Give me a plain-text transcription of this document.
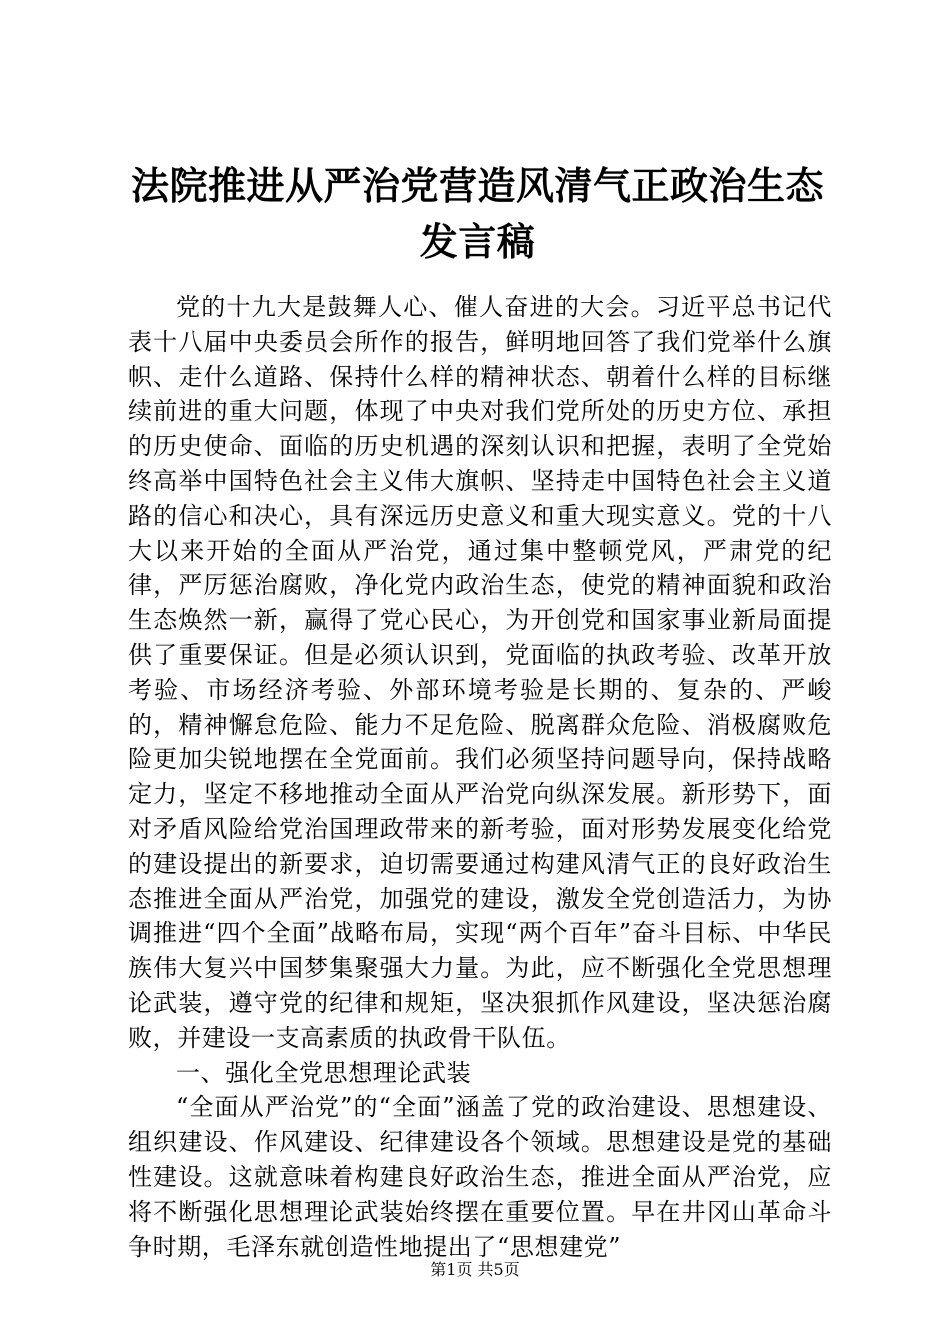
法院推进从严治党营造风清气正政治生态发言稿

党的十九大是鼓舞人心、催人奋进的大会。习近平总书记代表十八届中央委员会所作的报告，鲜明地回答了我们党举什么旗帜、走什么道路、保持什么样的精神状态、朝着什么样的目标继续前进的重大问题，体现了中央对我们党所处的历史方位、承担的历史使命、面临的历史机遇的深刻认识和把握，表明了全党始终高举中国特色社会主义伟大旗帜、坚持走中国特色社会主义道路的信心和决心，具有深远历史意义和重大现实意义。党的十八大以来开始的全面从严治党，通过集中整顿党风，严肃党的纪律，严厉惩治腐败，净化党内政治生态，使党的精神面貌和政治生态焕然一新，赢得了党心民心，为开创党和国家事业新局面提供了重要保证。但是必须认识到，党面临的执政考验、改革开放考验、市场经济考验、外部环境考验是长期的、复杂的、严峻的，精神懈怠危险、能力不足危险、脱离群众危险、消极腐败危险更加尖锐地摆在全党面前。我们必须坚持问题导向，保持战略定力，坚定不移地推动全面从严治党向纵深发展。新形势下，面对矛盾风险给党治国理政带来的新考验，面对形势发展变化给党的建设提出的新要求，迫切需要通过构建风清气正的良好政治生态推进全面从严治党，加强党的建设，激发全党创造活力，为协调推进“四个全面”战略布局，实现“两个百年”奋斗目标、中华民族伟大复兴中国梦集聚强大力量。为此，应不断强化全党思想理论武装，遵守党的纪律和规矩，坚决狠抓作风建设，坚决惩治腐败，并建设一支高素质的执政骨干队伍。

一、强化全党思想理论武装

“全面从严治党”的“全面”涵盖了党的政治建设、思想建设、组织建设、作风建设、纪律建设各个领域。思想建设是党的基础性建设。这就意味着构建良好政治生态，推进全面从严治党，应将不断强化思想理论武装始终摆在重要位置。早在井冈山革命斗争时期，毛泽东就创造性地提出了“思想建党”

第1页 共5页
